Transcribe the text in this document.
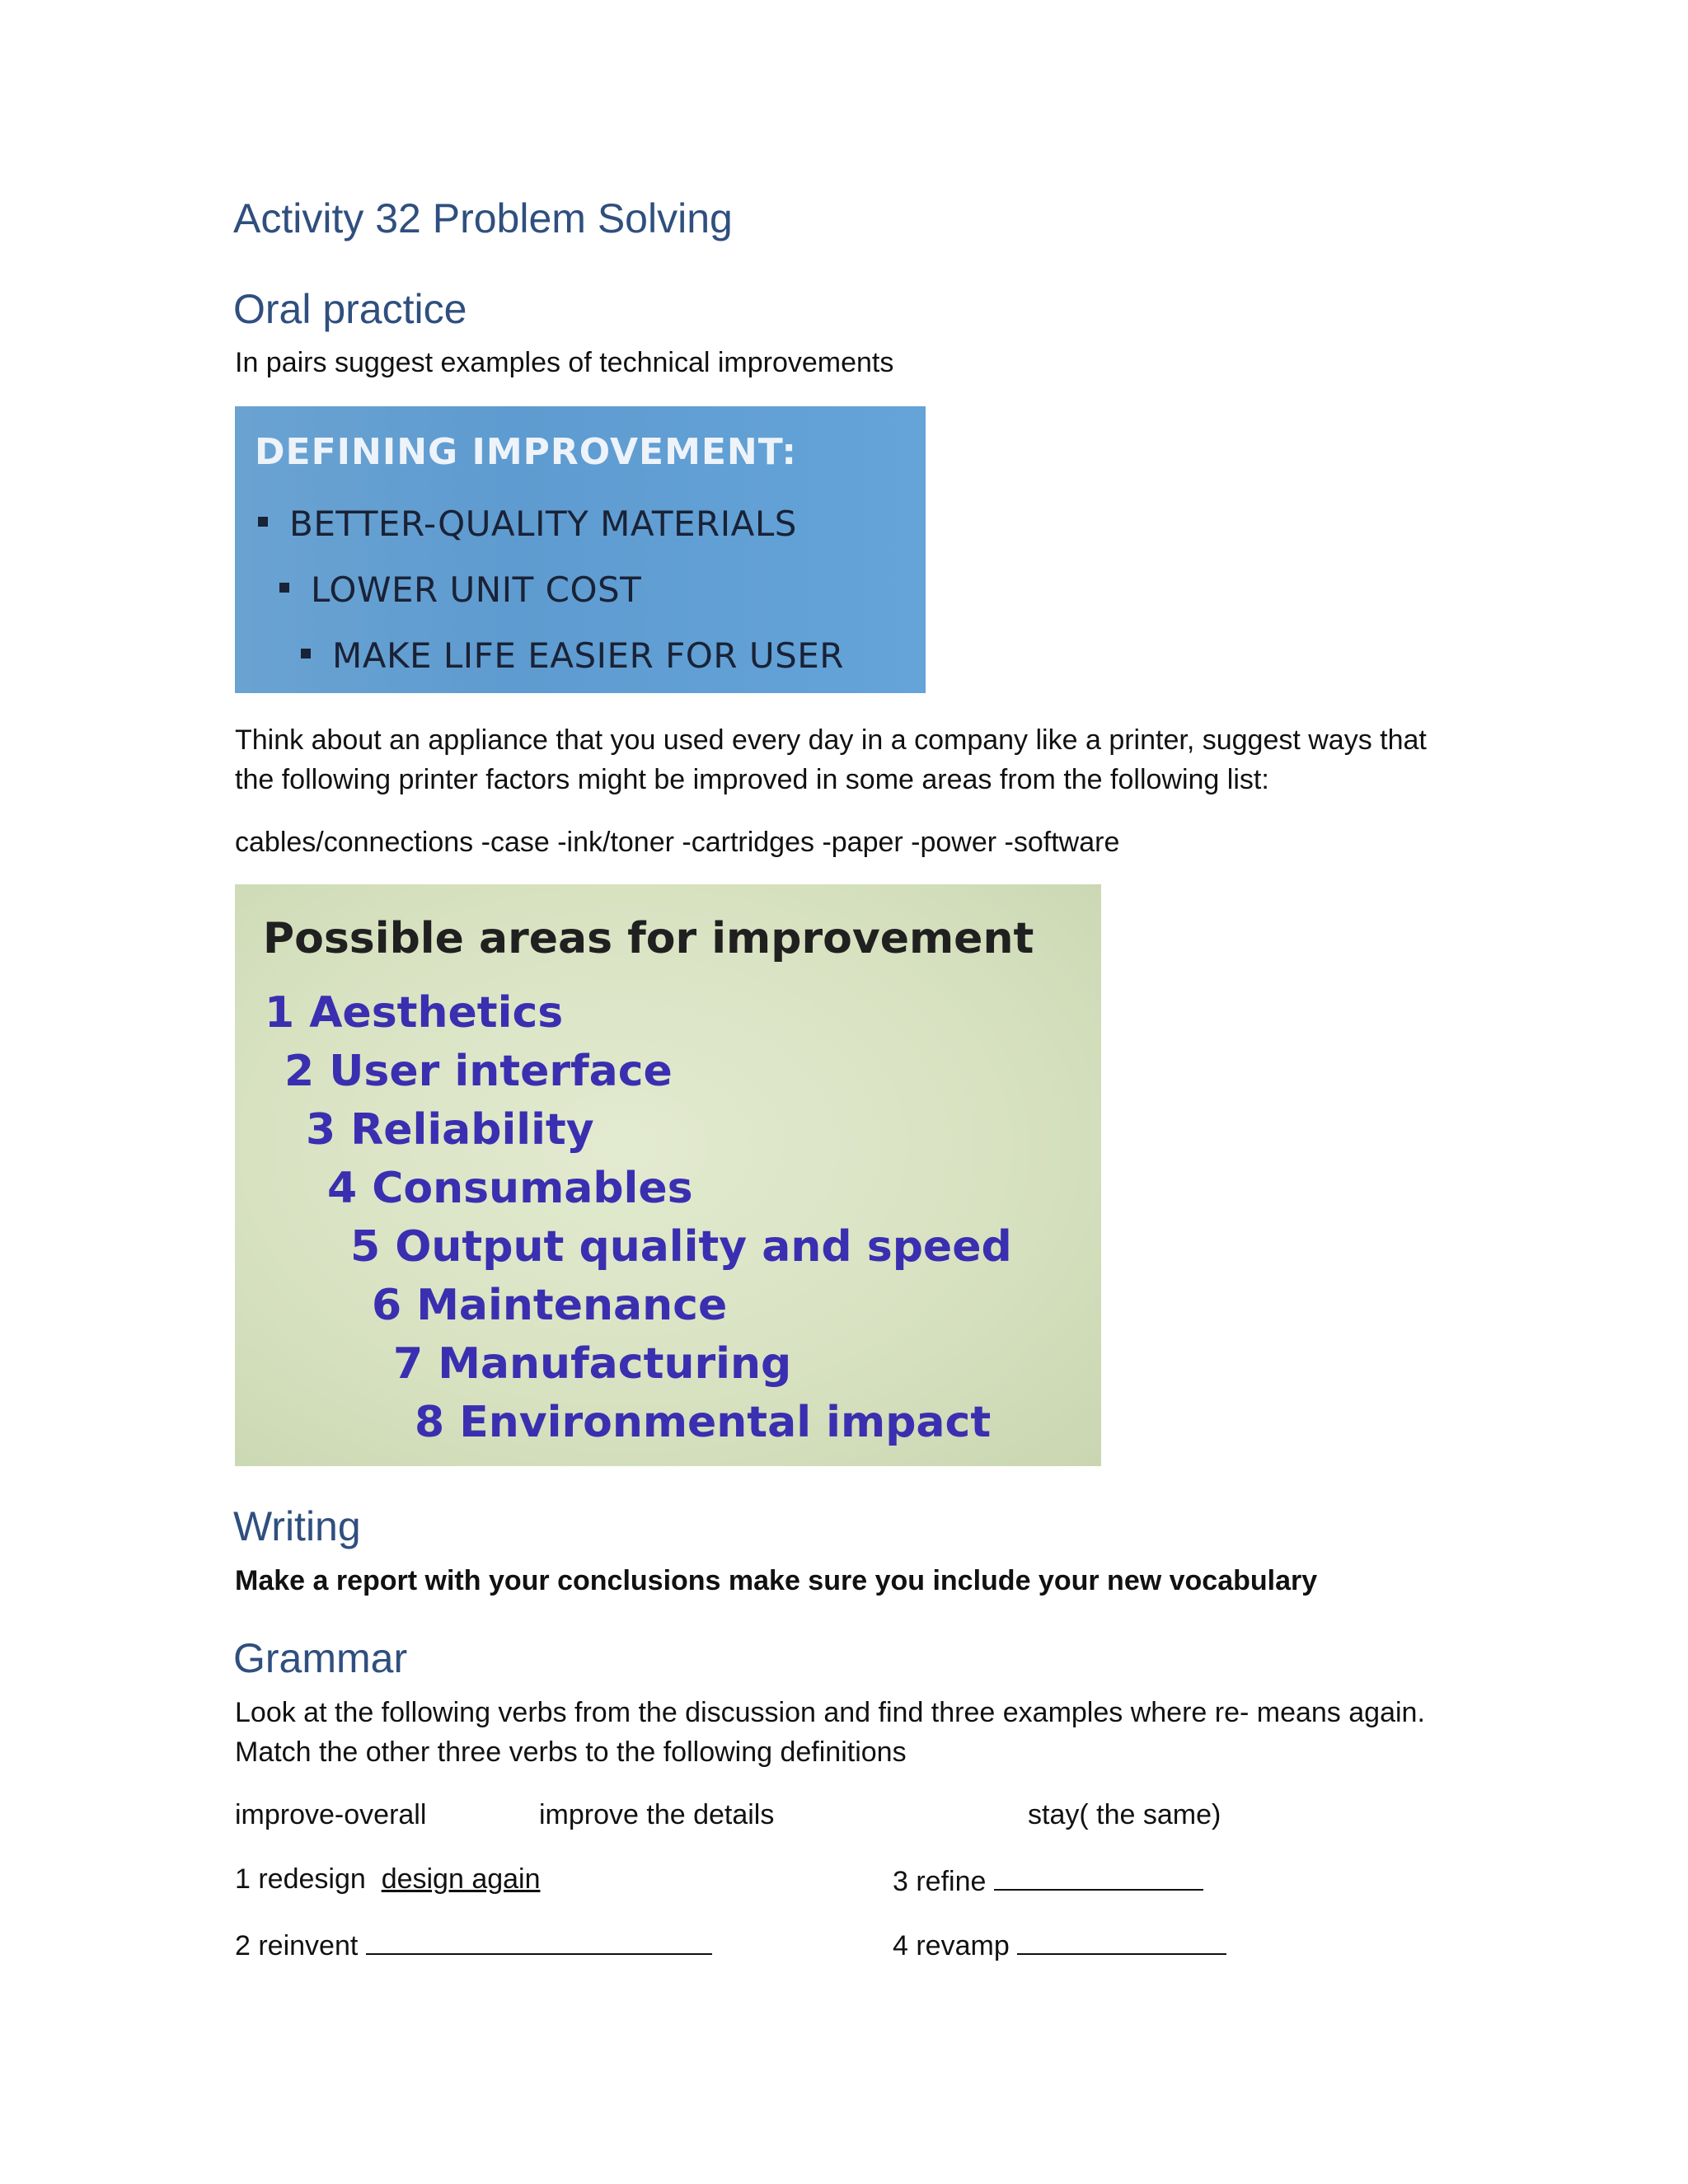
Activity 32 Problem Solving
Oral practice

In pairs suggest examples of technical improvements

DEFINING IMPROVEMENT:
BETTER-QUALITY MATERIALS
LOWER UNIT COST
MAKE LIFE EASIER FOR USER

Think about an appliance that you used every day in a company like a printer, suggest ways that

the following printer factors might be improved in some areas from the following list:

cables/connections -case -ink/toner -cartridges -paper -power -software

Possible areas for improvement
1 Aesthetics
2 User interface
3 Reliability
4 Consumables
5 Output quality and speed
6 Maintenance
7 Manufacturing
8 Environmental impact
Writing

Make a report with your conclusions make sure you include your new vocabulary

Grammar

Look at the following verbs from the discussion and find three examples where re- means again.

Match the other three verbs to the following definitions

improve-overall	improve the details	stay( the same)

1 redesign design again

2 reinvent

3 refine

4 revamp
